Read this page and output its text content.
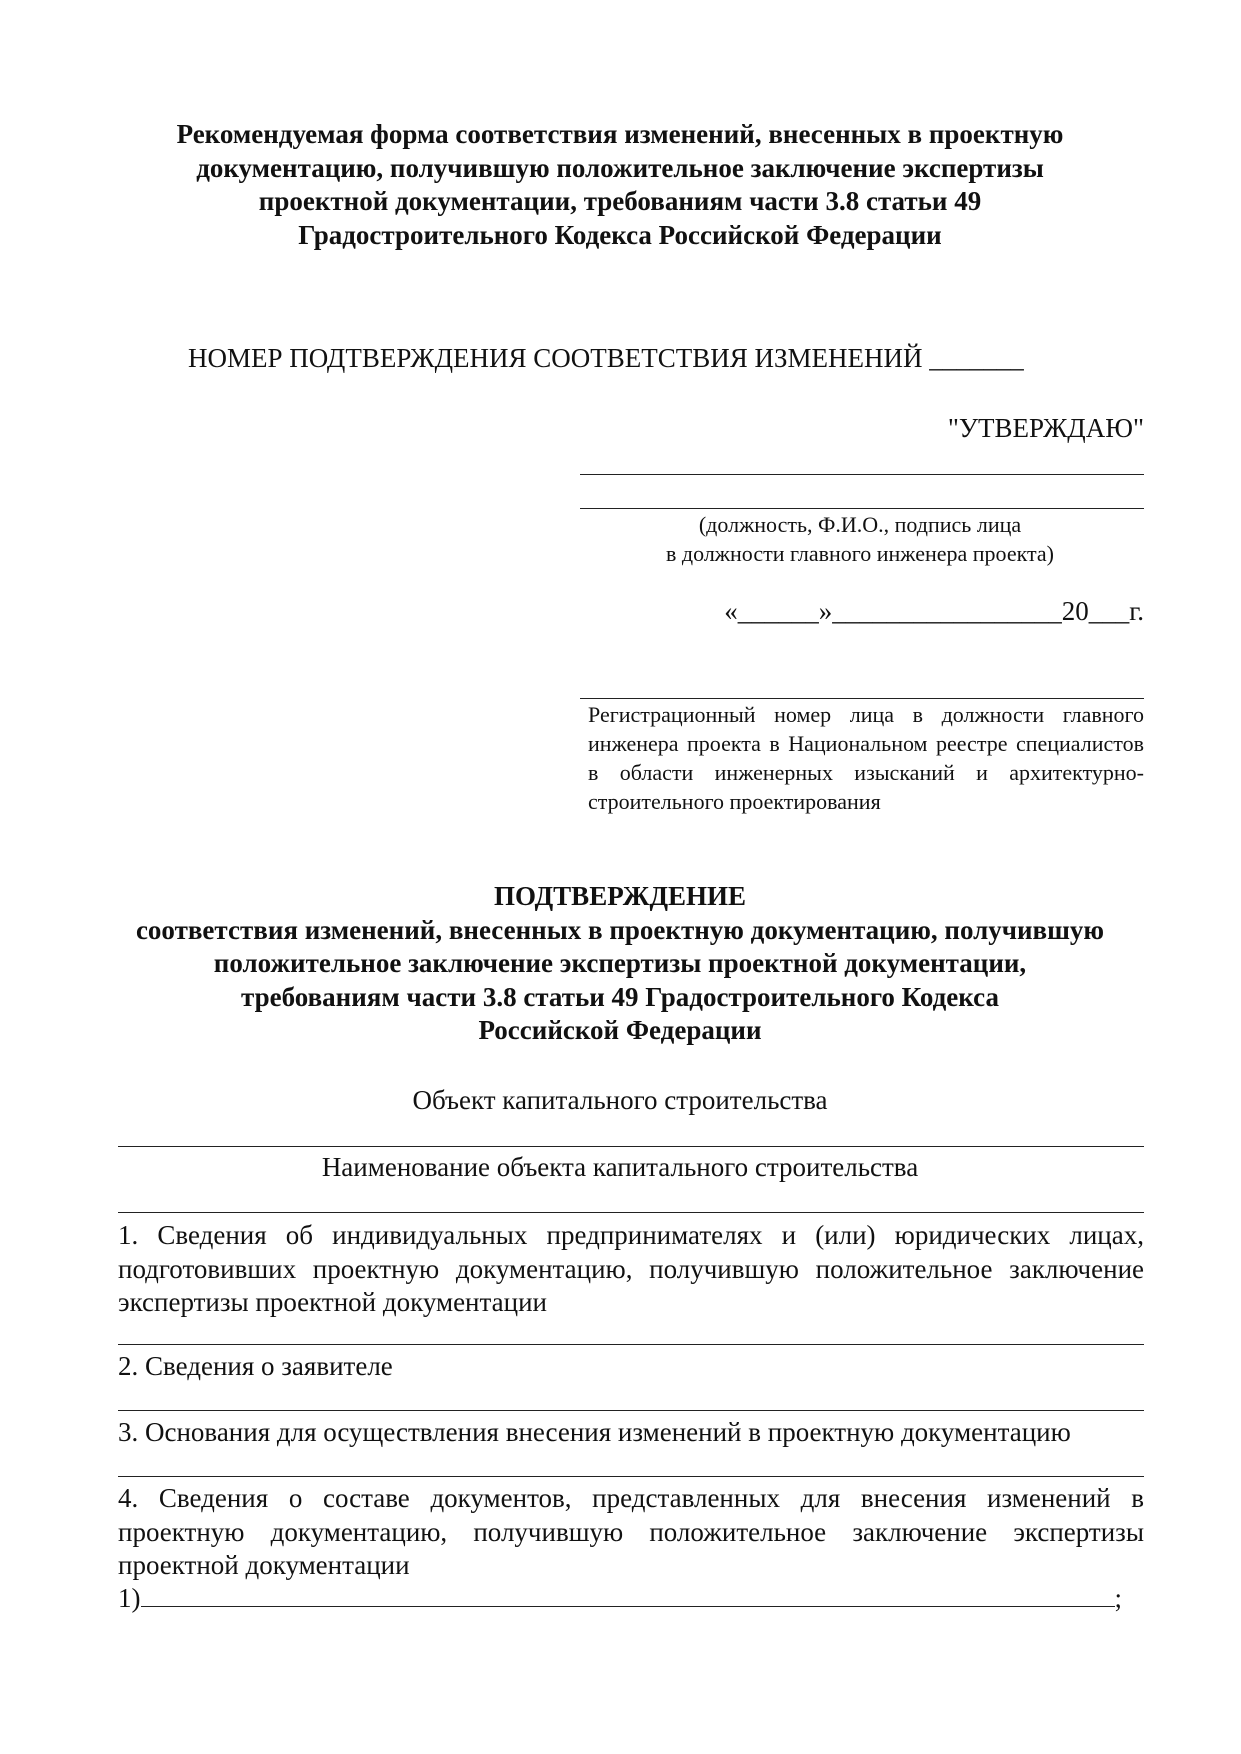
Рекомендуемая форма соответствия изменений, внесенных в проектную
документацию, получившую положительное заключение экспертизы
проектной документации, требованиям части 3.8 статьи 49
Градостроительного Кодекса Российской Федерации
НОМЕР ПОДТВЕРЖДЕНИЯ СООТВЕТСТВИЯ ИЗМЕНЕНИЙ _______
"УТВЕРЖДАЮ"
(должность, Ф.И.О., подпись лица
в должности главного инженера проекта)
«______»_________________20___г.
Регистрационный номер лица в должности главного инженера проекта в Национальном реестре специалистов в области инженерных изысканий и архитектурно-строительного проектирования
ПОДТВЕРЖДЕНИЕ
соответствия изменений, внесенных в проектную документацию, получившую
положительное заключение экспертизы проектной документации,
требованиям части 3.8 статьи 49 Градостроительного Кодекса
Российской Федерации
Объект капитального строительства
Наименование объекта капитального строительства
1. Сведения об индивидуальных предпринимателях и (или) юридических лицах, подготовивших проектную документацию, получившую положительное заключение экспертизы проектной документации
2. Сведения о заявителе
3. Основания для осуществления внесения изменений в проектную документацию
4. Сведения о составе документов, представленных для внесения изменений в проектную документацию, получившую положительное заключение экспертизы проектной документации
1)	;
